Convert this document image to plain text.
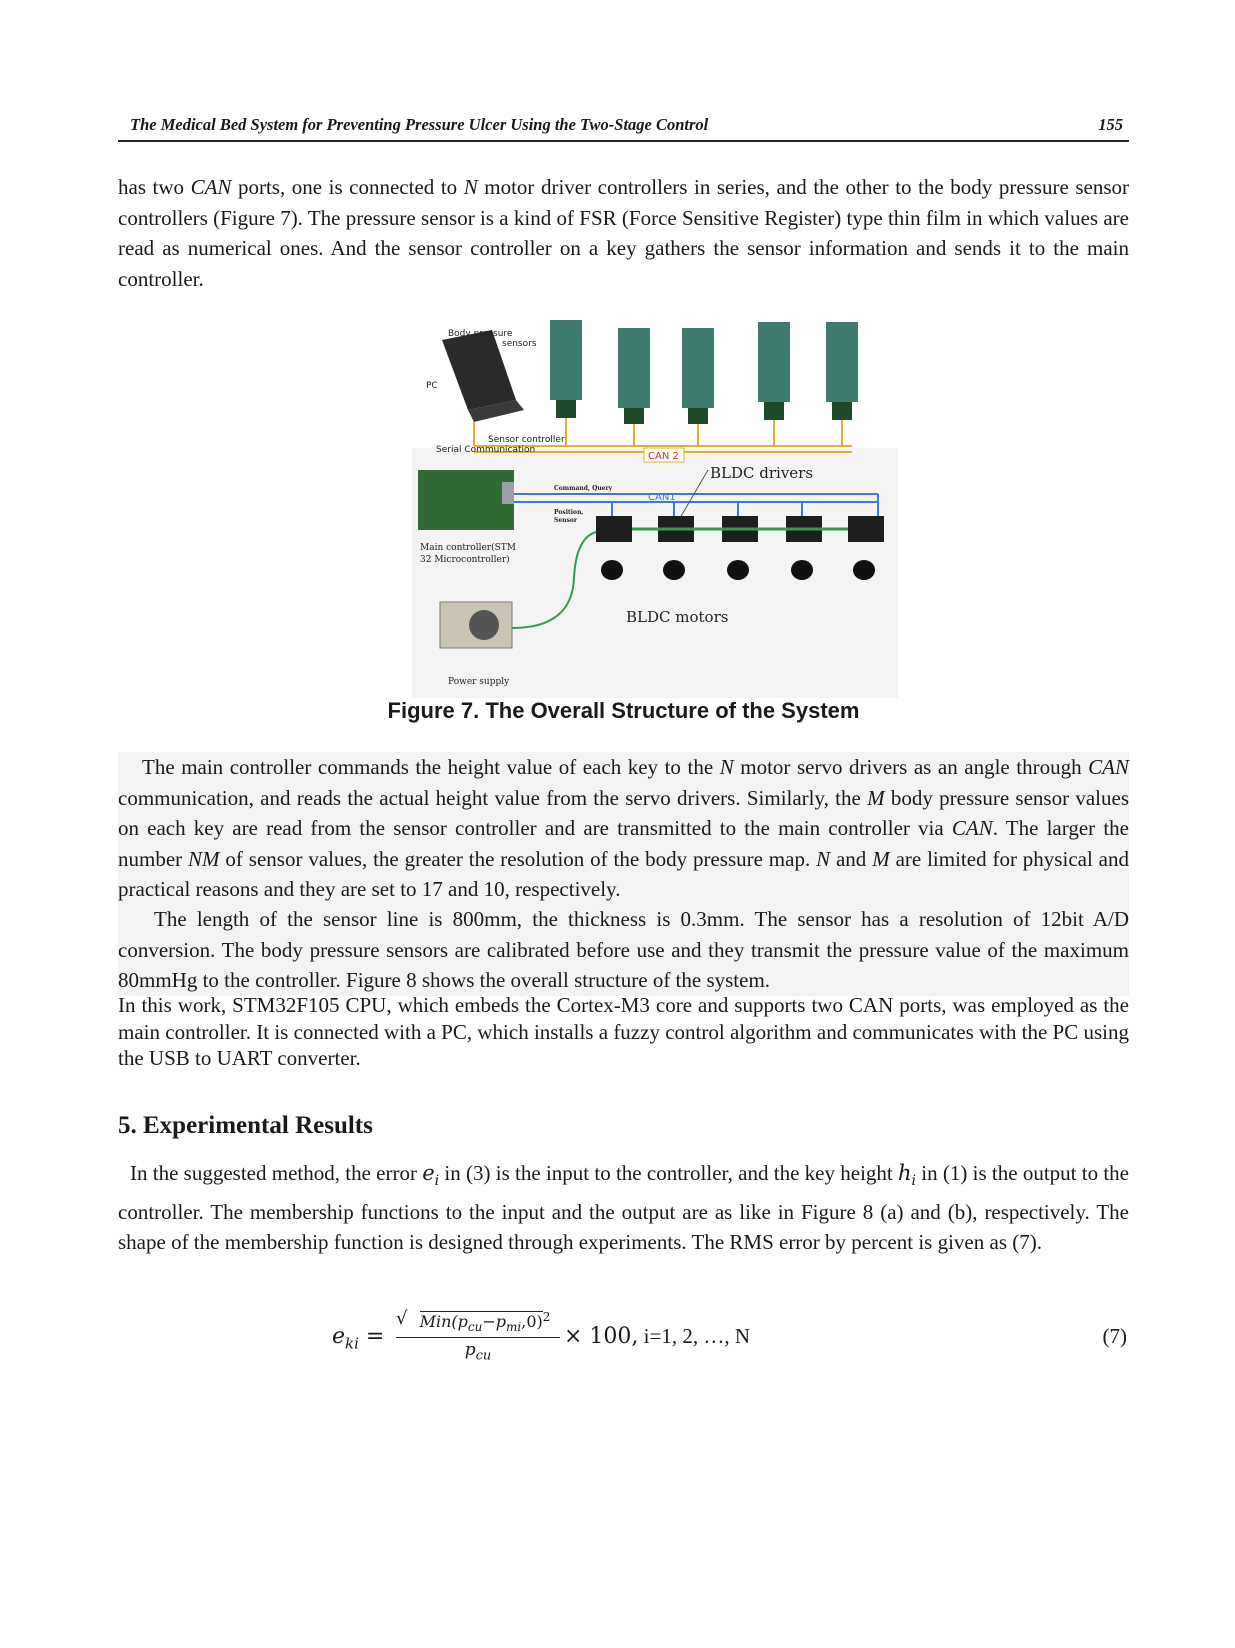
The Medical Bed System for Preventing Pressure Ulcer Using the Two-Stage Control	155

has two CAN ports, one is connected to N motor driver controllers in series, and the other to the body pressure sensor controllers (Figure 7). The pressure sensor is a kind of FSR (Force Sensitive Register) type thin film in which values are read as numerical ones. And the sensor controller on a key gathers the sensor information and sends it to the main controller.

Body pressure
sensors
PC
Sensor controller
Serial Communication
CAN 2
Main controller(STM
32 Microcontroller)
Command, Query
Position,
Sensor
CAN1
BLDC drivers
BLDC motors
Power supply
Figure 7. The Overall Structure of the System

The main controller commands the height value of each key to the N motor servo drivers as an angle through CAN communication, and reads the actual height value from the servo drivers. Similarly, the M body pressure sensor values on each key are read from the sensor controller and are transmitted to the main controller via CAN. The larger the number NM of sensor values, the greater the resolution of the body pressure map. N and M are limited for physical and practical reasons and they are set to 17 and 10, respectively.

The length of the sensor line is 800mm, the thickness is 0.3mm. The sensor has a resolution of 12bit A/D conversion. The body pressure sensors are calibrated before use and they transmit the pressure value of the maximum 80mmHg to the controller. Figure 8 shows the overall structure of the system.

In this work, STM32F105 CPU, which embeds the Cortex-M3 core and supports two CAN ports, was employed as the main controller. It is connected with a PC, which installs a fuzzy control algorithm and communicates with the PC using the USB to UART converter.

5. Experimental Results

In the suggested method, the error $e_i$ in (3) is the input to the controller, and the key height $h_i$ in (1) is the output to the controller. The membership functions to the input and the output are as like in Figure 8 (a) and (b), respectively. The shape of the membership function is designed through experiments. The RMS error by percent is given as (7).

$e_{ki}$ =
√ $Min(p_{cu}-p_{mi},0)^2$
$p_{cu}$
× 100, i=1, 2, …, N	(7)
